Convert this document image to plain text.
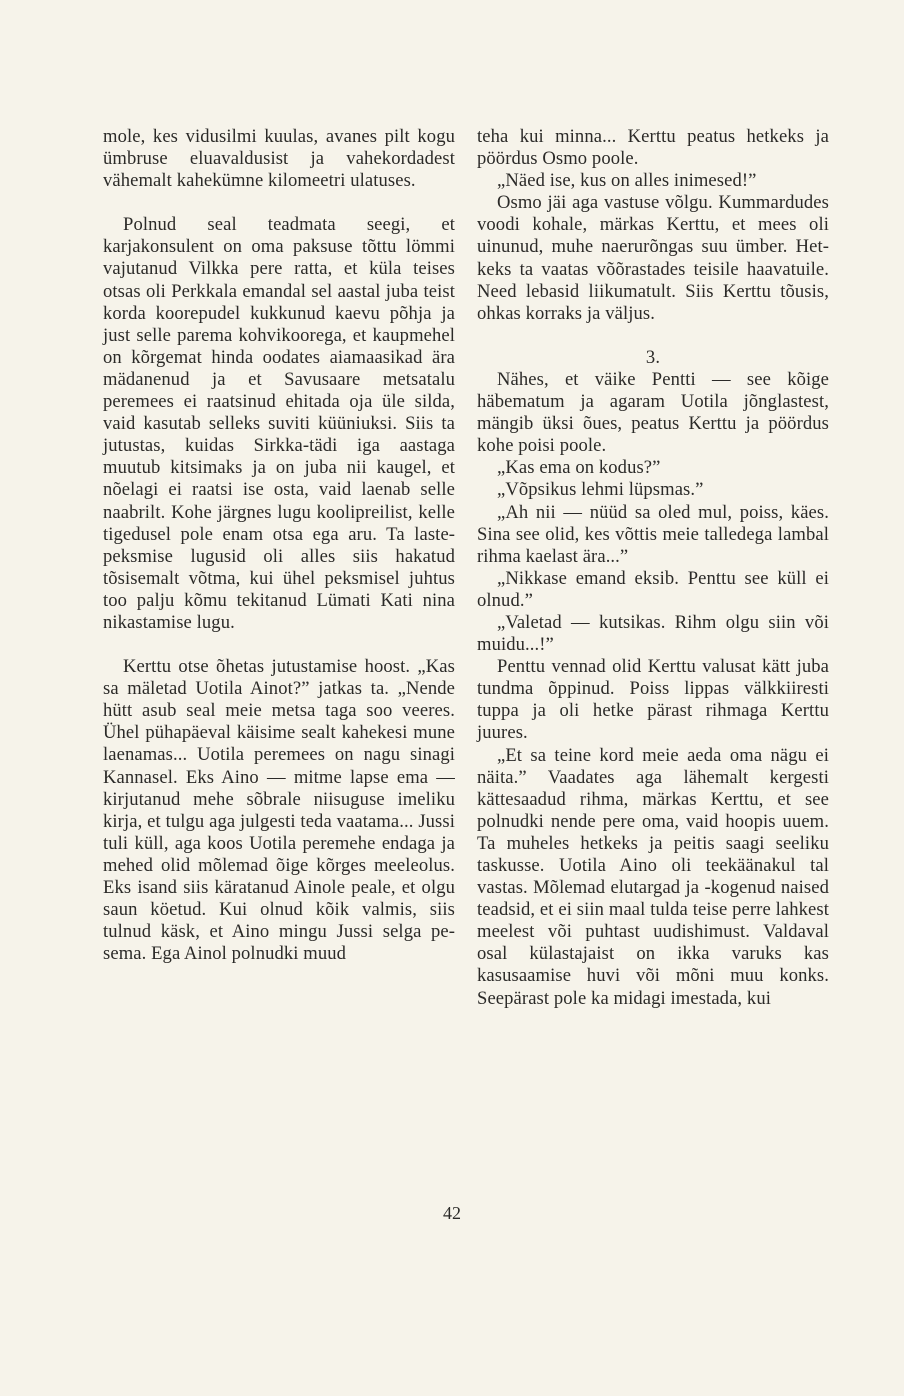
mole, kes vidusilmi kuulas, avanes pilt kogu ümbruse eluavaldusist ja vahekordadest vähemalt kahekümne kilomeetri ulatuses.

Polnud seal teadmata seegi, et karjakonsulent on oma paksuse tõttu lömmi vajutanud Vilkka pere ratta, et küla teises otsas oli Perkkala emandal sel aastal juba teist korda koorepudel kukkunud kaevu põhja ja just selle parema kohvikoorega, et kaupmehel on kõrgemat hinda oodates aiamaasikad ära mädanenud ja et Savusaare metsatalu peremees ei raatsinud ehitada oja üle silda, vaid kasutab selleks suviti küüniuksi. Siis ta jutustas, kuidas Sirkka-tädi iga aastaga muutub kitsimaks ja on juba nii kaugel, et nõelagi ei raatsi ise osta, vaid laenab selle naabrilt. Kohe järgnes lugu koolipreilist, kelle tigedusel pole enam otsa ega aru. Ta lastepeksmise lugusid oli alles siis hakatud tõsisemalt võtma, kui ühel peksmisel juhtus too palju kõmu tekitanud Lümati Kati nina nikastamise lugu.

Kerttu otse õhetas jutustamise hoost. „Kas sa mäletad Uotila Ainot?” jatkas ta. „Nende hütt asub seal meie metsa taga soo veeres. Ühel pühapäeval käisime sealt kahekesi mune laenamas... Uotila peremees on nagu sinagi Kannasel. Eks Aino — mitme lapse ema — kirjutanud mehe sõbrale niisuguse imeliku kirja, et tulgu aga julgesti teda vaatama... Jussi tuli küll, aga koos Uotila peremehe endaga ja mehed olid mõlemad õige kõrges meeleolus. Eks isand siis käratanud Ainole peale, et olgu saun köetud. Kui olnud kõik valmis, siis tulnud käsk, et Aino mingu Jussi selga pesema. Ega Ainol polnudki muud

teha kui minna... Kerttu peatus hetkeks ja pöördus Osmo poole.

„Näed ise, kus on alles inimesed!”

Osmo jäi aga vastuse võlgu. Kummardudes voodi kohale, märkas Kerttu, et mees oli uinunud, muhe naerurõngas suu ümber. Hetkeks ta vaatas võõrastades teisile haavatuile. Need lebasid liikumatult. Siis Kerttu tõusis, ohkas korraks ja väljus.

3.

Nähes, et väike Pentti — see kõige häbematum ja agaram Uotila jõnglastest, mängib üksi õues, peatus Kerttu ja pöördus kohe poisi poole.

„Kas ema on kodus?”

„Võpsikus lehmi lüpsmas.”

„Ah nii — nüüd sa oled mul, poiss, käes. Sina see olid, kes võttis meie talledega lambal rihma kaelast ära...”

„Nikkase emand eksib. Penttu see küll ei olnud.”

„Valetad — kutsikas. Rihm olgu siin või muidu...!”

Penttu vennad olid Kerttu valusat kätt juba tundma õppinud. Poiss lippas välkkiiresti tuppa ja oli hetke pärast rihmaga Kerttu juures.

„Et sa teine kord meie aeda oma nägu ei näita.” Vaadates aga lähemalt kergesti kättesaadud rihma, märkas Kerttu, et see polnudki nende pere oma, vaid hoopis uuem. Ta muheles hetkeks ja peitis saagi seeliku taskusse. Uotila Aino oli teekäänakul tal vastas. Mõlemad elutargad ja -kogenud naised teadsid, et ei siin maal tulda teise perre lahkest meelest või puhtast uudishimust. Valdaval osal külastajaist on ikka varuks kas kasusaamise huvi või mõni muu konks. Seepärast pole ka midagi imestada, kui

42
